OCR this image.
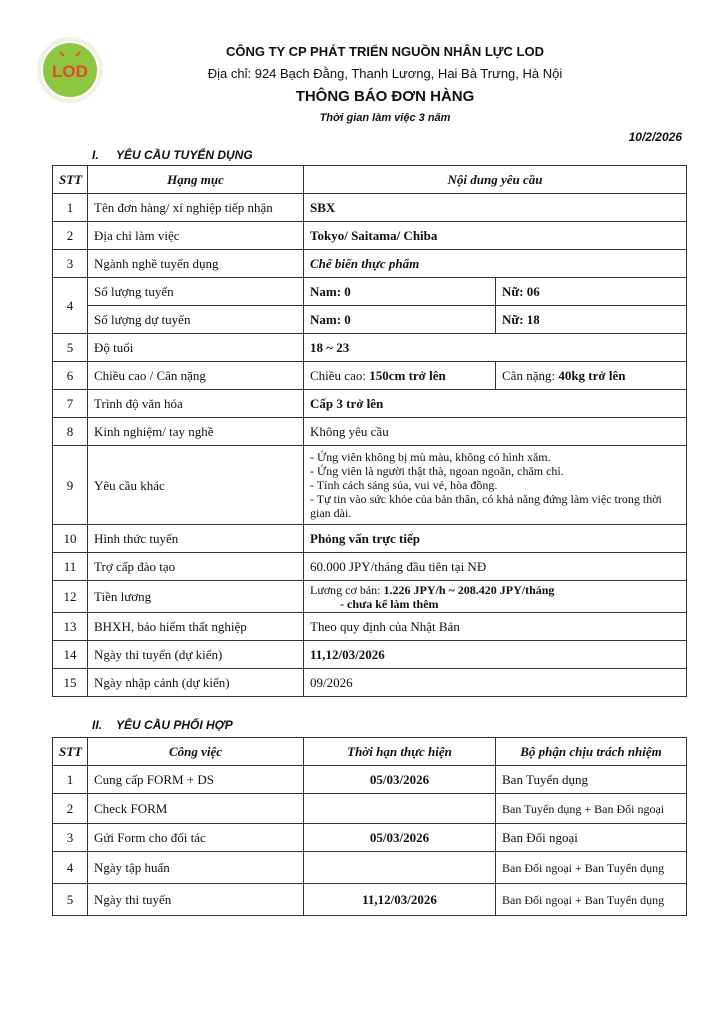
LOD
CÔNG TY CP PHÁT TRIỂN NGUỒN NHÂN LỰC LOD
Địa chỉ: 924 Bạch Đằng, Thanh Lương, Hai Bà Trưng, Hà Nội
THÔNG BÁO ĐƠN HÀNG
Thời gian làm việc 3 năm
10/2/2026
I. YÊU CẦU TUYỂN DỤNG
STT	Hạng mục	Nội dung yêu cầu	
1	Tên đơn hàng/ xí nghiệp tiếp nhận	SBX	
2	Địa chỉ làm việc	Tokyo/ Saitama/ Chiba	
3	Ngành nghề tuyển dụng	Chế biến thực phẩm	
4	Số lượng tuyển	Nam: 0	Nữ: 06
	Số lượng dự tuyển	Nam: 0	Nữ: 18
5	Độ tuổi	18 ~ 23	
6	Chiều cao / Cân nặng	Chiều cao: 150cm trở lên	Cân nặng: 40kg trở lên
7	Trình độ văn hóa	Cấp 3 trở lên	
8	Kinh nghiệm/ tay nghề	Không yêu cầu	
9	Yêu cầu khác	- Ứng viên không bị mù màu, không có hình xăm.
- Ứng viên là người thật thà, ngoan ngoãn, chăm chỉ.
- Tính cách sáng sủa, vui vẻ, hòa đồng.
- Tự tin vào sức khỏe của bản thân, có khả năng đứng làm việc trong thời gian dài.	

10	Hình thức tuyển	Phỏng vấn trực tiếp	
11	Trợ cấp đào tạo	60.000 JPY/tháng đầu tiên tại NĐ	
12	Tiền lương	Lương cơ bản: 1.226 JPY/h ~ 208.420 JPY/tháng
- chưa kể làm thêm	

13	BHXH, bảo hiểm thất nghiệp	Theo quy định của Nhật Bản	
14	Ngày thi tuyển (dự kiến)	11,12/03/2026	
15	Ngày nhập cảnh (dự kiến)	09/2026	
II. YÊU CẦU PHỐI HỢP
STT	Công việc	Thời hạn thực hiện	Bộ phận chịu trách nhiệm
1	Cung cấp FORM + DS	05/03/2026	Ban Tuyển dụng
2	Check FORM		Ban Tuyển dụng + Ban Đối ngoại
3	Gửi Form cho đối tác	05/03/2026	Ban Đối ngoại
4	Ngày tập huấn		Ban Đối ngoại + Ban Tuyển dụng
5	Ngày thi tuyển	11,12/03/2026	Ban Đối ngoại + Ban Tuyển dụng
